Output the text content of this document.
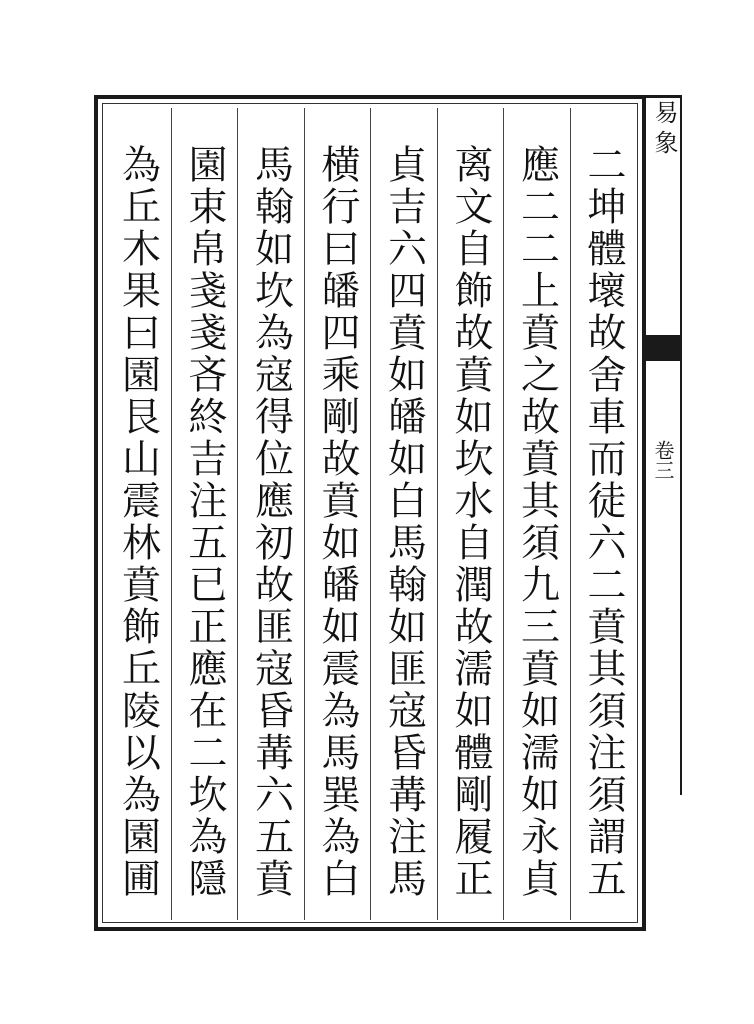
易象
卷三
二坤體壞故舍車而徒六二賁其須注須謂五
應二二上賁之故賁其須九三賁如濡如永貞
离文自飾故賁如坎水自潤故濡如體剛履正
貞吉六四賁如皤如白馬翰如匪寇昏冓注馬
横行曰皤四乘剛故賁如皤如震為馬巽為白
馬翰如坎為寇得位應初故匪寇昏冓六五賁
園束帛戔戔吝終吉注五已正應在二坎為隱
為丘木果曰園艮山震林賁飾丘陵以為園圃
